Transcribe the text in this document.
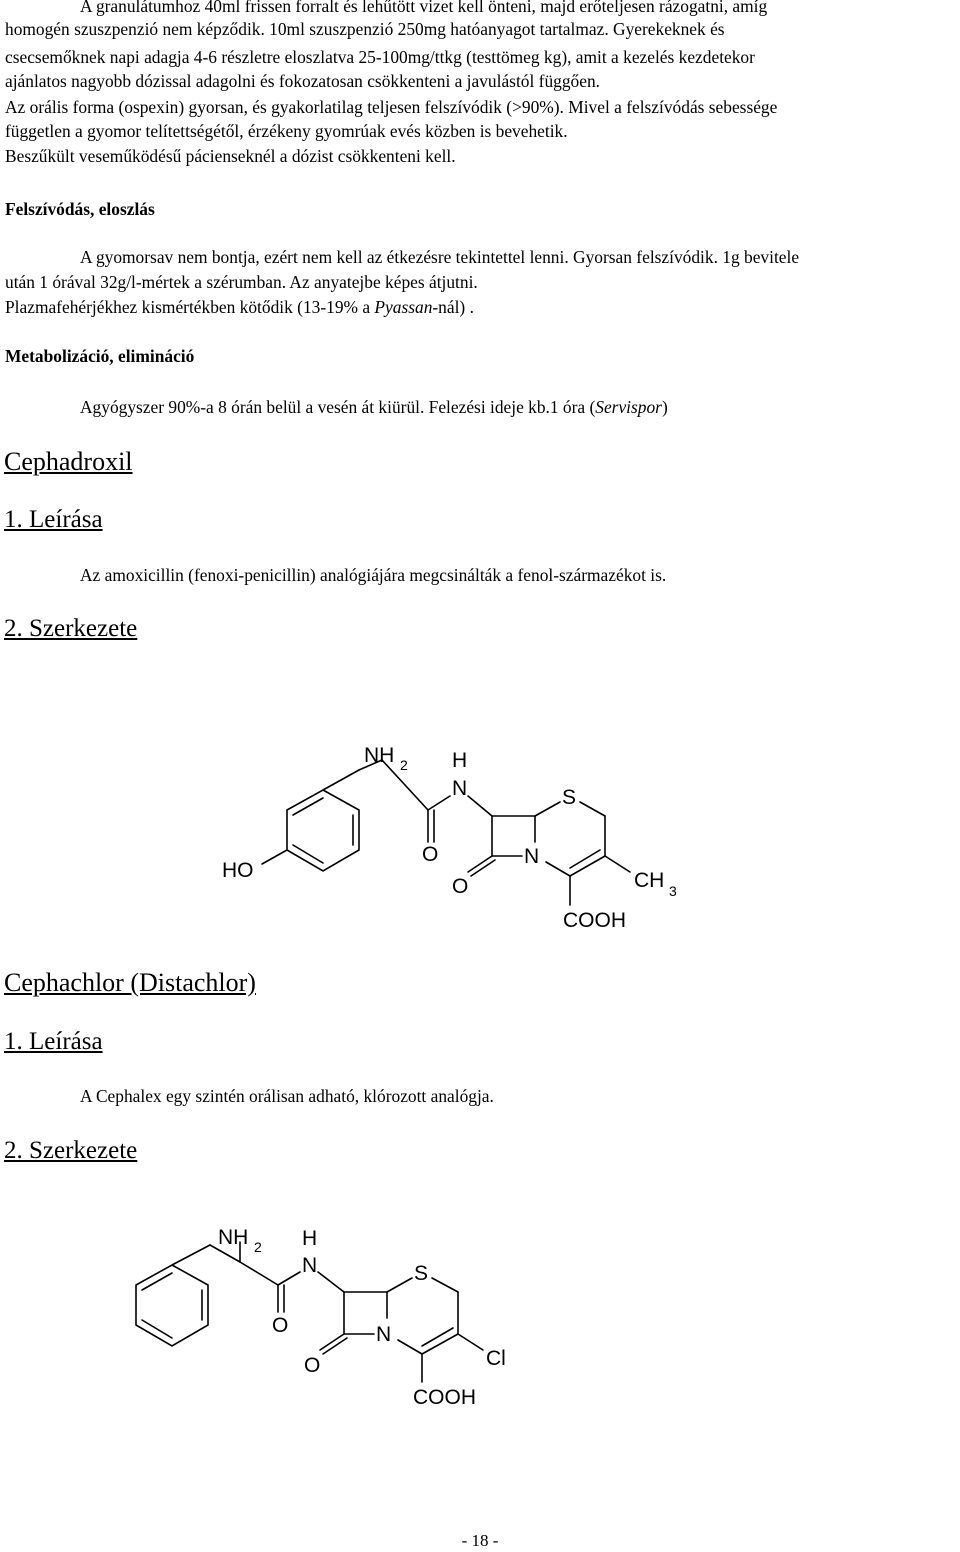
A granulátumhoz 40ml frissen forralt és lehűtött vizet kell önteni, majd erőteljesen rázogatni, amíg

homogén szuszpenzió nem képződik. 10ml szuszpenzió 250mg hatóanyagot tartalmaz. Gyerekeknek és

csecsemőknek napi adagja 4-6 részletre eloszlatva 25-100mg/ttkg (testtömeg kg), amit a kezelés kezdetekor

ajánlatos nagyobb dózissal adagolni és fokozatosan csökkenteni a javulástól függően.

Az orális forma (ospexin) gyorsan, és gyakorlatilag teljesen felszívódik (>90%). Mivel a felszívódás sebessége

független a gyomor telítettségétől, érzékeny gyomrúak evés közben is bevehetik.

Beszűkült veseműködésű pácienseknél a dózist csökkenteni kell.

Felszívódás, eloszlás

A gyomorsav nem bontja, ezért nem kell az étkezésre tekintettel lenni. Gyorsan felszívódik. 1g bevitele

után 1 órával 32g/l-mértek a szérumban. Az anyatejbe képes átjutni.

Plazmafehérjékhez kismértékben kötődik (13-19% a Pyassan-nál) .

Metabolizáció, elimináció

Agyógyszer 90%-a 8 órán belül a vesén át kiürül. Felezési ideje kb.1 óra (Servispor)

Cephadroxil

1. Leírása

Az amoxicillin (fenoxi-penicillin) analógiájára megcsinálták a fenol-származékot is.

2. Szerkezete

NH 2 H
N	S
O
HO
O
N
CH 3
COOH

Cephachlor (Distachlor)

1. Leírása

A Cephalex egy szintén orálisan adható, klórozott analógja.

2. Szerkezete

NH 2 H
N	S
O
O
N
Cl
COOH
- 18 -
